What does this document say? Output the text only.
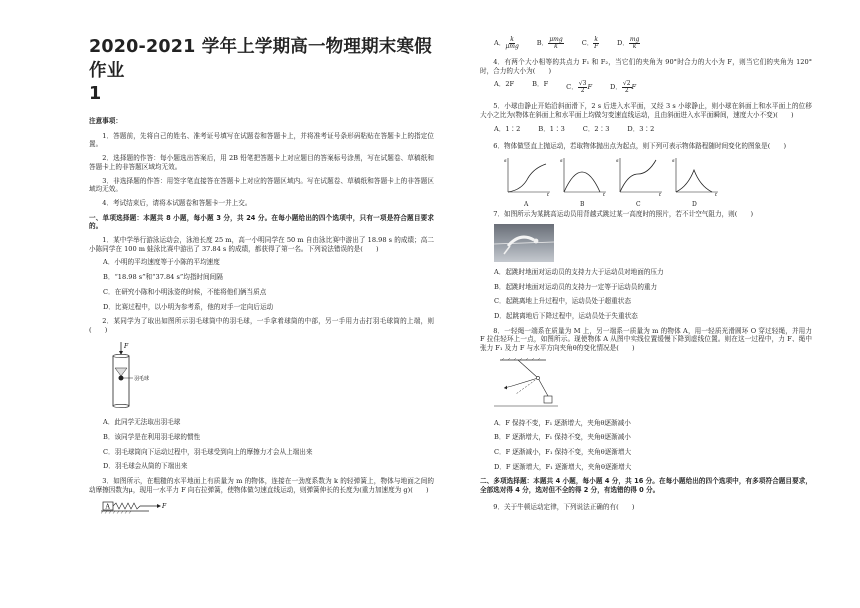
2020-2021 学年上学期高一物理期末寒假作业
1
注意事项：

1．答题前，先将自己的姓名、准考证号填写在试题卷和答题卡上，并将准考证号条形码粘贴在答题卡上的指定位置。

2．选择题的作答：每小题选出答案后，用 2B 铅笔把答题卡上对应题目的答案标号涂黑，写在试题卷、草稿纸和答题卡上的非答题区域均无效。

3．非选择题的作答：用签字笔直接答在答题卡上对应的答题区域内。写在试题卷、草稿纸和答题卡上的非答题区域均无效。

4．考试结束后，请将本试题卷和答题卡一并上交。

一、单项选择题：本题共 8 小题，每小题 3 分，共 24 分。在每小题给出的四个选项中，只有一项是符合题目要求的。

1．某中学举行游泳运动会，泳池长度 25 m，高一小明同学在 50 m 自由泳比赛中游出了 18.98 s 的成绩；高二小陈同学在 100 m 蛙泳比赛中游出了 37.84 s 的成绩，都获得了第一名。下列说法错误的是(　　)

A．小明的平均速度等于小陈的平均速度
B．“18.98 s”和“37.84 s”均指时间间隔
C．在研究小陈和小明泳姿的时候，不能将他们俩当质点
D．比赛过程中，以小明为参考系，他的对手一定向后运动

2．某同学为了取出如图所示羽毛球筒中的羽毛球，一手拿着球筒的中部，另一手用力击打羽毛球筒的上端，则(　　)

F
羽毛球
A．此同学无法取出羽毛球
B．该同学是在利用羽毛球的惯性
C．羽毛球筒向下运动过程中，羽毛球受到向上的摩擦力才会从上端出来
D．羽毛球会从筒的下端出来

3．如图所示，在粗糙的水平地面上有质量为 m 的物体，连接在一劲度系数为 k 的轻弹簧上，物体与地面之间的动摩擦因数为μ，现用一水平力 F 向右拉弹簧，使物体做匀速直线运动，则弹簧伸长的长度为(重力加速度为 g)(　　)

A	F
A．$\frac{k}{\text{μmg}}$	B．$\frac{\text{μmg}}{k}$	C．$\frac{k}{F}$	D．$\frac{mg}{k}$

4．有两个大小相等的共点力 F₁ 和 F₂，当它们的夹角为 90°时合力的大小为 F，则当它们的夹角为 120°时，合力的大小为(　　)

A．2F	B．F	C．$\frac{√3}{2}F$	D．$\frac{√2}{2}F$

5．小球由静止开始沿斜面滑下，2 s 后进入水平面，又经 3 s 小球静止，则小球在斜面上和水平面上的位移大小之比为(物体在斜面上和水平面上均做匀变速直线运动，且由斜面进入水平面瞬间，速度大小不变)(　　)

A．1∶2	B．1∶3	C．2∶3	D．3∶2

6．物体做竖直上抛运动，若取物体抛出点为起点，则下列可表示物体路程随时间变化的图象是(　　)

s
t
A
s
t
B
s
t
C
s
t
D

7．如图所示为某跳高运动员用背越式跳过某一高度时的照片，若不计空气阻力，则(　　)

A．起跳时地面对运动员的支持力大于运动员对地面的压力
B．起跳时地面对运动员的支持力一定等于运动员的重力
C．起跳离地上升过程中，运动员处于超重状态
D．起跳离地后下降过程中，运动员处于失重状态

8．一轻绳一端系在质量为 M 上，另一端系一质量为 m 的物体 A，用一轻质光滑圆环 O 穿过轻绳，并用力 F 拉住轻环上一点，如图所示。现使物体 A 从图中实线位置缓慢下降到虚线位置。则在这一过程中，力 F、绳中张力 F₁ 及力 F 与水平方向夹角θ的变化情况是(　　)

A．F 保持不变，F₁ 逐渐增大，夹角θ逐渐减小
B．F 逐渐增大，F₁ 保持不变，夹角θ逐渐减小
C．F 逐渐减小，F₁ 保持不变，夹角θ逐渐增大
D．F 逐渐增大，F₁ 逐渐增大，夹角θ逐渐增大

二、多项选择题：本题共 4 小题，每小题 4 分，共 16 分。在每小题给出的四个选项中，有多项符合题目要求，全部选对得 4 分，选对但不全的得 2 分，有选错的得 0 分。

9．关于牛顿运动定律，下列说法正确的有(　　)
